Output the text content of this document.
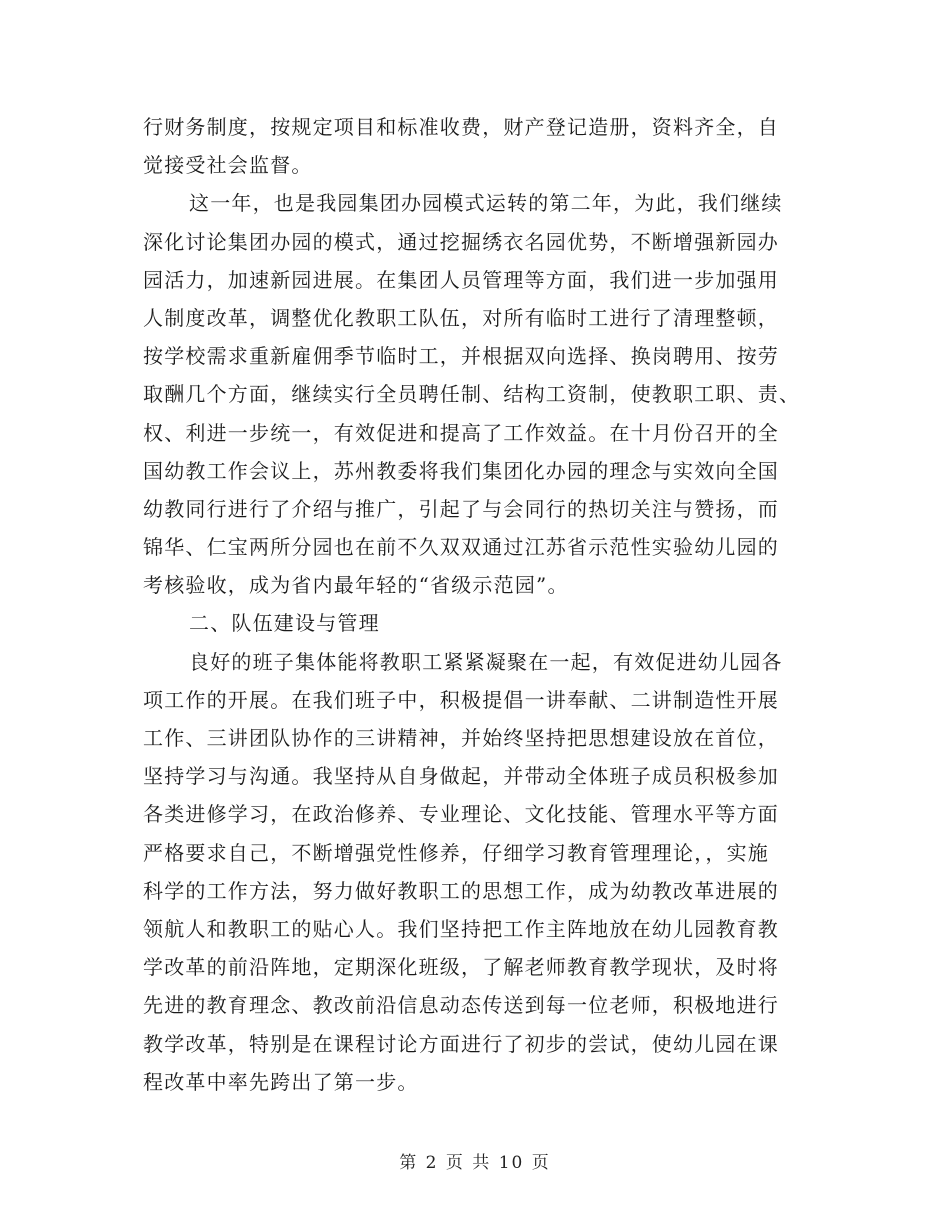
行财务制度，按规定项目和标准收费，财产登记造册，资料齐全，自
觉接受社会监督。
这一年，也是我园集团办园模式运转的第二年，为此，我们继续
深化讨论集团办园的模式，通过挖掘绣衣名园优势，不断增强新园办
园活力，加速新园进展。在集团人员管理等方面，我们进一步加强用
人制度改革，调整优化教职工队伍，对所有临时工进行了清理整顿，
按学校需求重新雇佣季节临时工，并根据双向选择、换岗聘用、按劳
取酬几个方面，继续实行全员聘任制、结构工资制，使教职工职、责、
权、利进一步统一，有效促进和提高了工作效益。在十月份召开的全
国幼教工作会议上，苏州教委将我们集团化办园的理念与实效向全国
幼教同行进行了介绍与推广，引起了与会同行的热切关注与赞扬，而
锦华、仁宝两所分园也在前不久双双通过江苏省示范性实验幼儿园的
考核验收，成为省内最年轻的“省级示范园”。
二、队伍建设与管理
良好的班子集体能将教职工紧紧凝聚在一起，有效促进幼儿园各
项工作的开展。在我们班子中，积极提倡一讲奉献、二讲制造性开展
工作、三讲团队协作的三讲精神，并始终坚持把思想建设放在首位，
坚持学习与沟通。我坚持从自身做起，并带动全体班子成员积极参加
各类进修学习，在政治修养、专业理论、文化技能、管理水平等方面
严格要求自己，不断增强党性修养，仔细学习教育管理理论，，实施
科学的工作方法，努力做好教职工的思想工作，成为幼教改革进展的
领航人和教职工的贴心人。我们坚持把工作主阵地放在幼儿园教育教
学改革的前沿阵地，定期深化班级，了解老师教育教学现状，及时将
先进的教育理念、教改前沿信息动态传送到每一位老师，积极地进行
教学改革，特别是在课程讨论方面进行了初步的尝试，使幼儿园在课
程改革中率先跨出了第一步。
第 2 页 共 10 页
